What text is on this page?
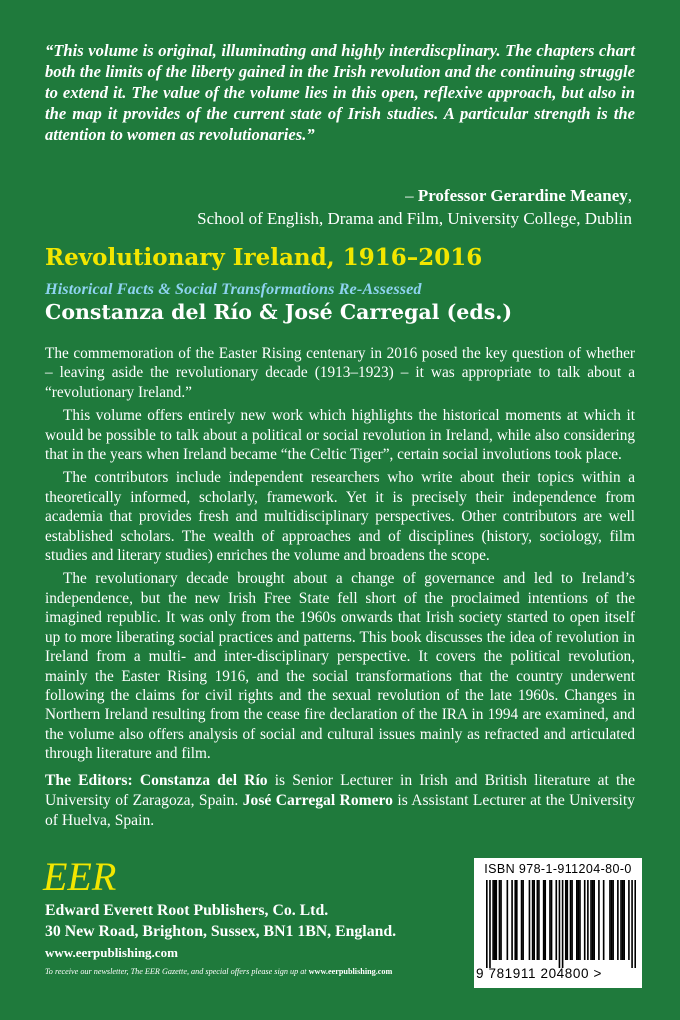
“This volume is original, illuminating and highly interdiscplinary. The chapters chart both the limits of the liberty gained in the Irish revolution and the continuing struggle to extend it. The value of the volume lies in this open, reflexive approach, but also in the map it provides of the current state of Irish studies. A particular strength is the attention to women as revolutionaries.”
– Professor Gerardine Meaney,
School of English, Drama and Film, University College, Dublin
Revolutionary Ireland, 1916–2016
Historical Facts & Social Transformations Re-Assessed
Constanza del Río & José Carregal (eds.)

The commemoration of the Easter Rising centenary in 2016 posed the key question of whether – leaving aside the revolutionary decade (1913–1923) – it was appropriate to talk about a “revolutionary Ireland.”

This volume offers entirely new work which highlights the historical moments at which it would be possible to talk about a political or social revolution in Ireland, while also considering that in the years when Ireland became “the Celtic Tiger”, certain social involutions took place.

The contributors include independent researchers who write about their topics within a theoretically informed, scholarly, framework. Yet it is precisely their independence from academia that provides fresh and multidisciplinary perspectives. Other contributors are well established scholars. The wealth of approaches and of disciplines (history, sociology, film studies and literary studies) enriches the volume and broadens the scope.

The revolutionary decade brought about a change of governance and led to Ireland’s independence, but the new Irish Free State fell short of the proclaimed intentions of the imagined republic. It was only from the 1960s onwards that Irish society started to open itself up to more liberating social practices and patterns. This book discusses the idea of revolution in Ireland from a multi- and inter-disciplinary perspective. It covers the political revolution, mainly the Easter Rising 1916, and the social transformations that the country underwent following the claims for civil rights and the sexual revolution of the late 1960s. Changes in Northern Ireland resulting from the cease fire declaration of the IRA in 1994 are examined, and the volume also offers analysis of social and cultural issues mainly as refracted and articulated through literature and film.

The Editors: Constanza del Río is Senior Lecturer in Irish and British literature at the University of Zaragoza, Spain. José Carregal Romero is Assistant Lecturer at the University of Huelva, Spain.
EER
Edward Everett Root Publishers, Co. Ltd.
30 New Road, Brighton, Sussex, BN1 1BN, England.
www.eerpublishing.com
To receive our newsletter, The EER Gazette, and special offers please sign up at www.eerpublishing.com
ISBN 978-1-911204-80-0
9 781911 204800 >
